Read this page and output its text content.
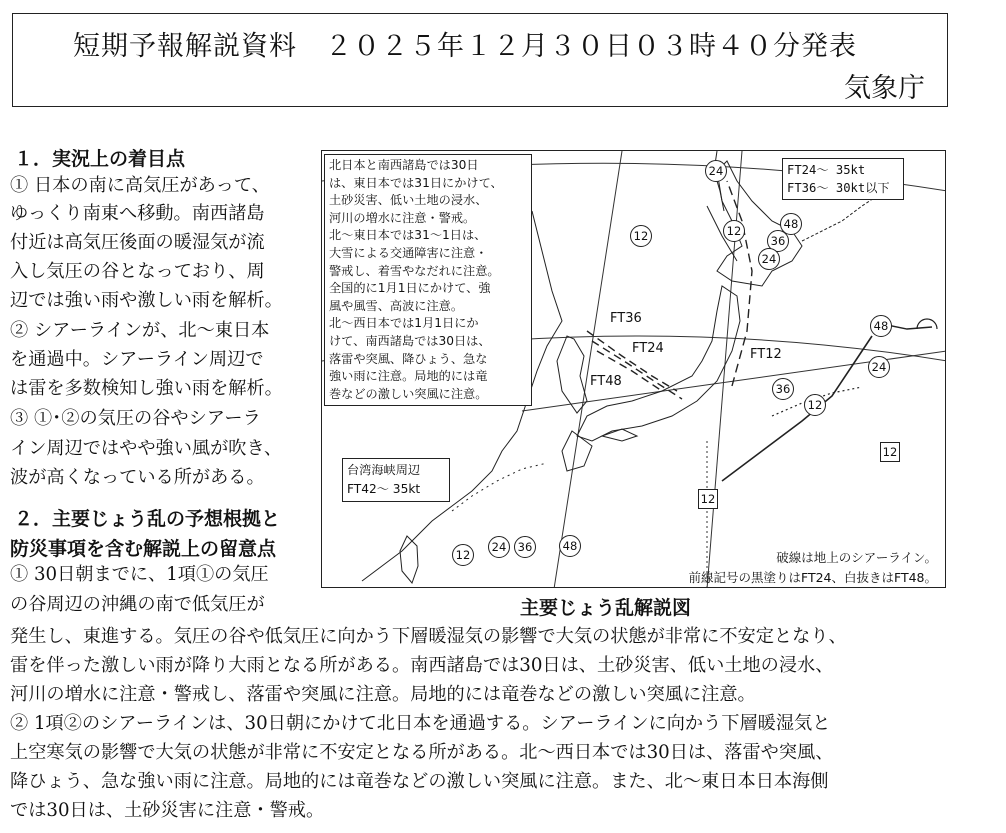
短期予報解説資料　２０２５年１２月３０日０３時４０分発表
気象庁
１．実況上の着目点
① 日本の南に高気圧があって、
ゆっくり南東へ移動。南西諸島
付近は高気圧後面の暖湿気が流
入し気圧の谷となっており、周
辺では強い雨や激しい雨を解析。
② シアーラインが、北～東日本
を通過中。シアーライン周辺で
は雷を多数検知し強い雨を解析。
③ ①･②の気圧の谷やシアーラ
イン周辺ではやや強い風が吹き、
波が高くなっている所がある。
２．主要じょう乱の予想根拠と
防災事項を含む解説上の留意点
① 30日朝までに、1項①の気圧
の谷周辺の沖縄の南で低気圧が
北日本と南西諸島では30日
は、東日本では31日にかけて、
土砂災害、低い土地の浸水、
河川の増水に注意・警戒。
北～東日本では31～1日は、
大雪による交通障害に注意・
警戒し、着雪やなだれに注意。
全国的に1月1日にかけて、強
風や風雪、高波に注意。
北～西日本では1月1日にか
けて、南西諸島では30日は、
落雷や突風、降ひょう、急な
強い雨に注意。局地的には竜
巻などの激しい突風に注意。
FT24～ 35kt
FT36～ 30kt以下
台湾海峡周辺
FT42～ 35kt
FT36
FT24
FT48
FT12
24
12	48
36
24
12
48
24
36
12
12
24 36	48
12
12
破線は地上のシアーライン。
前線記号の黒塗りはFT24、白抜きはFT48。
主要じょう乱解説図
発生し、東進する。気圧の谷や低気圧に向かう下層暖湿気の影響で大気の状態が非常に不安定となり、
雷を伴った激しい雨が降り大雨となる所がある。南西諸島では30日は、土砂災害、低い土地の浸水、
河川の増水に注意・警戒し、落雷や突風に注意。局地的には竜巻などの激しい突風に注意。
② 1項②のシアーラインは、30日朝にかけて北日本を通過する。シアーラインに向かう下層暖湿気と
上空寒気の影響で大気の状態が非常に不安定となる所がある。北～西日本では30日は、落雷や突風、
降ひょう、急な強い雨に注意。局地的には竜巻などの激しい突風に注意。また、北～東日本日本海側
では30日は、土砂災害に注意・警戒。
